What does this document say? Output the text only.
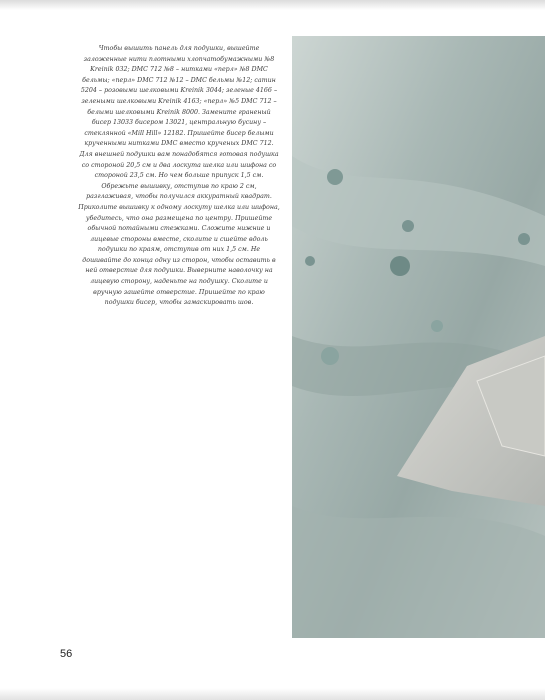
Чтобы вышить панель для подушки, вышейте заложенные нити плотными хлопчатобумажными №8 Kreinik 032; DMC 712 №8 – нитками «перл» №8 DMC бельмы; «перл» DMC 712 №12 – DMC бельмы №12; сатин 5204 – розовыми шелковыми Kreinik 3044; зеленые 4166 – зелеными шелковыми Kreinik 4163; «перл» №5 DMC 712 – белыми шелковыми Kreinik 8000. Замените граненый бисер 13033 бисером 13021, центральную бусину – стеклянной «Mill Hill» 12182. Пришейте бисер белыми крученными нитками DMC вместо крученых DMC 712.

Для внешней подушки вам понадобятся готовая подушка со стороной 20,5 см и два лоскута шелка или шифона со стороной 23,5 см. Но чем больше припуск 1,5 см. Обрежьте вышивку, отступив по краю 2 см, разглаживая, чтобы получился аккуратный квадрат. Приколите вышивку к одному лоскуту шелка или шифона, убедитесь, что она размещена по центру. Пришейте обычной потайными стежками. Сложите нижние и лицевые стороны вместе, сколите и сшейте вдоль подушки по краям, отступив от них 1,5 см. Не дошивайте до конца одну из сторон, чтобы оставить в ней отверстие для подушки. Выверните наволочку на лицевую сторону, наденьте на подушку. Сколите и вручную зашейте отверстие. Пришейте по краю подушки бисер, чтобы замаскировать шов.

56
